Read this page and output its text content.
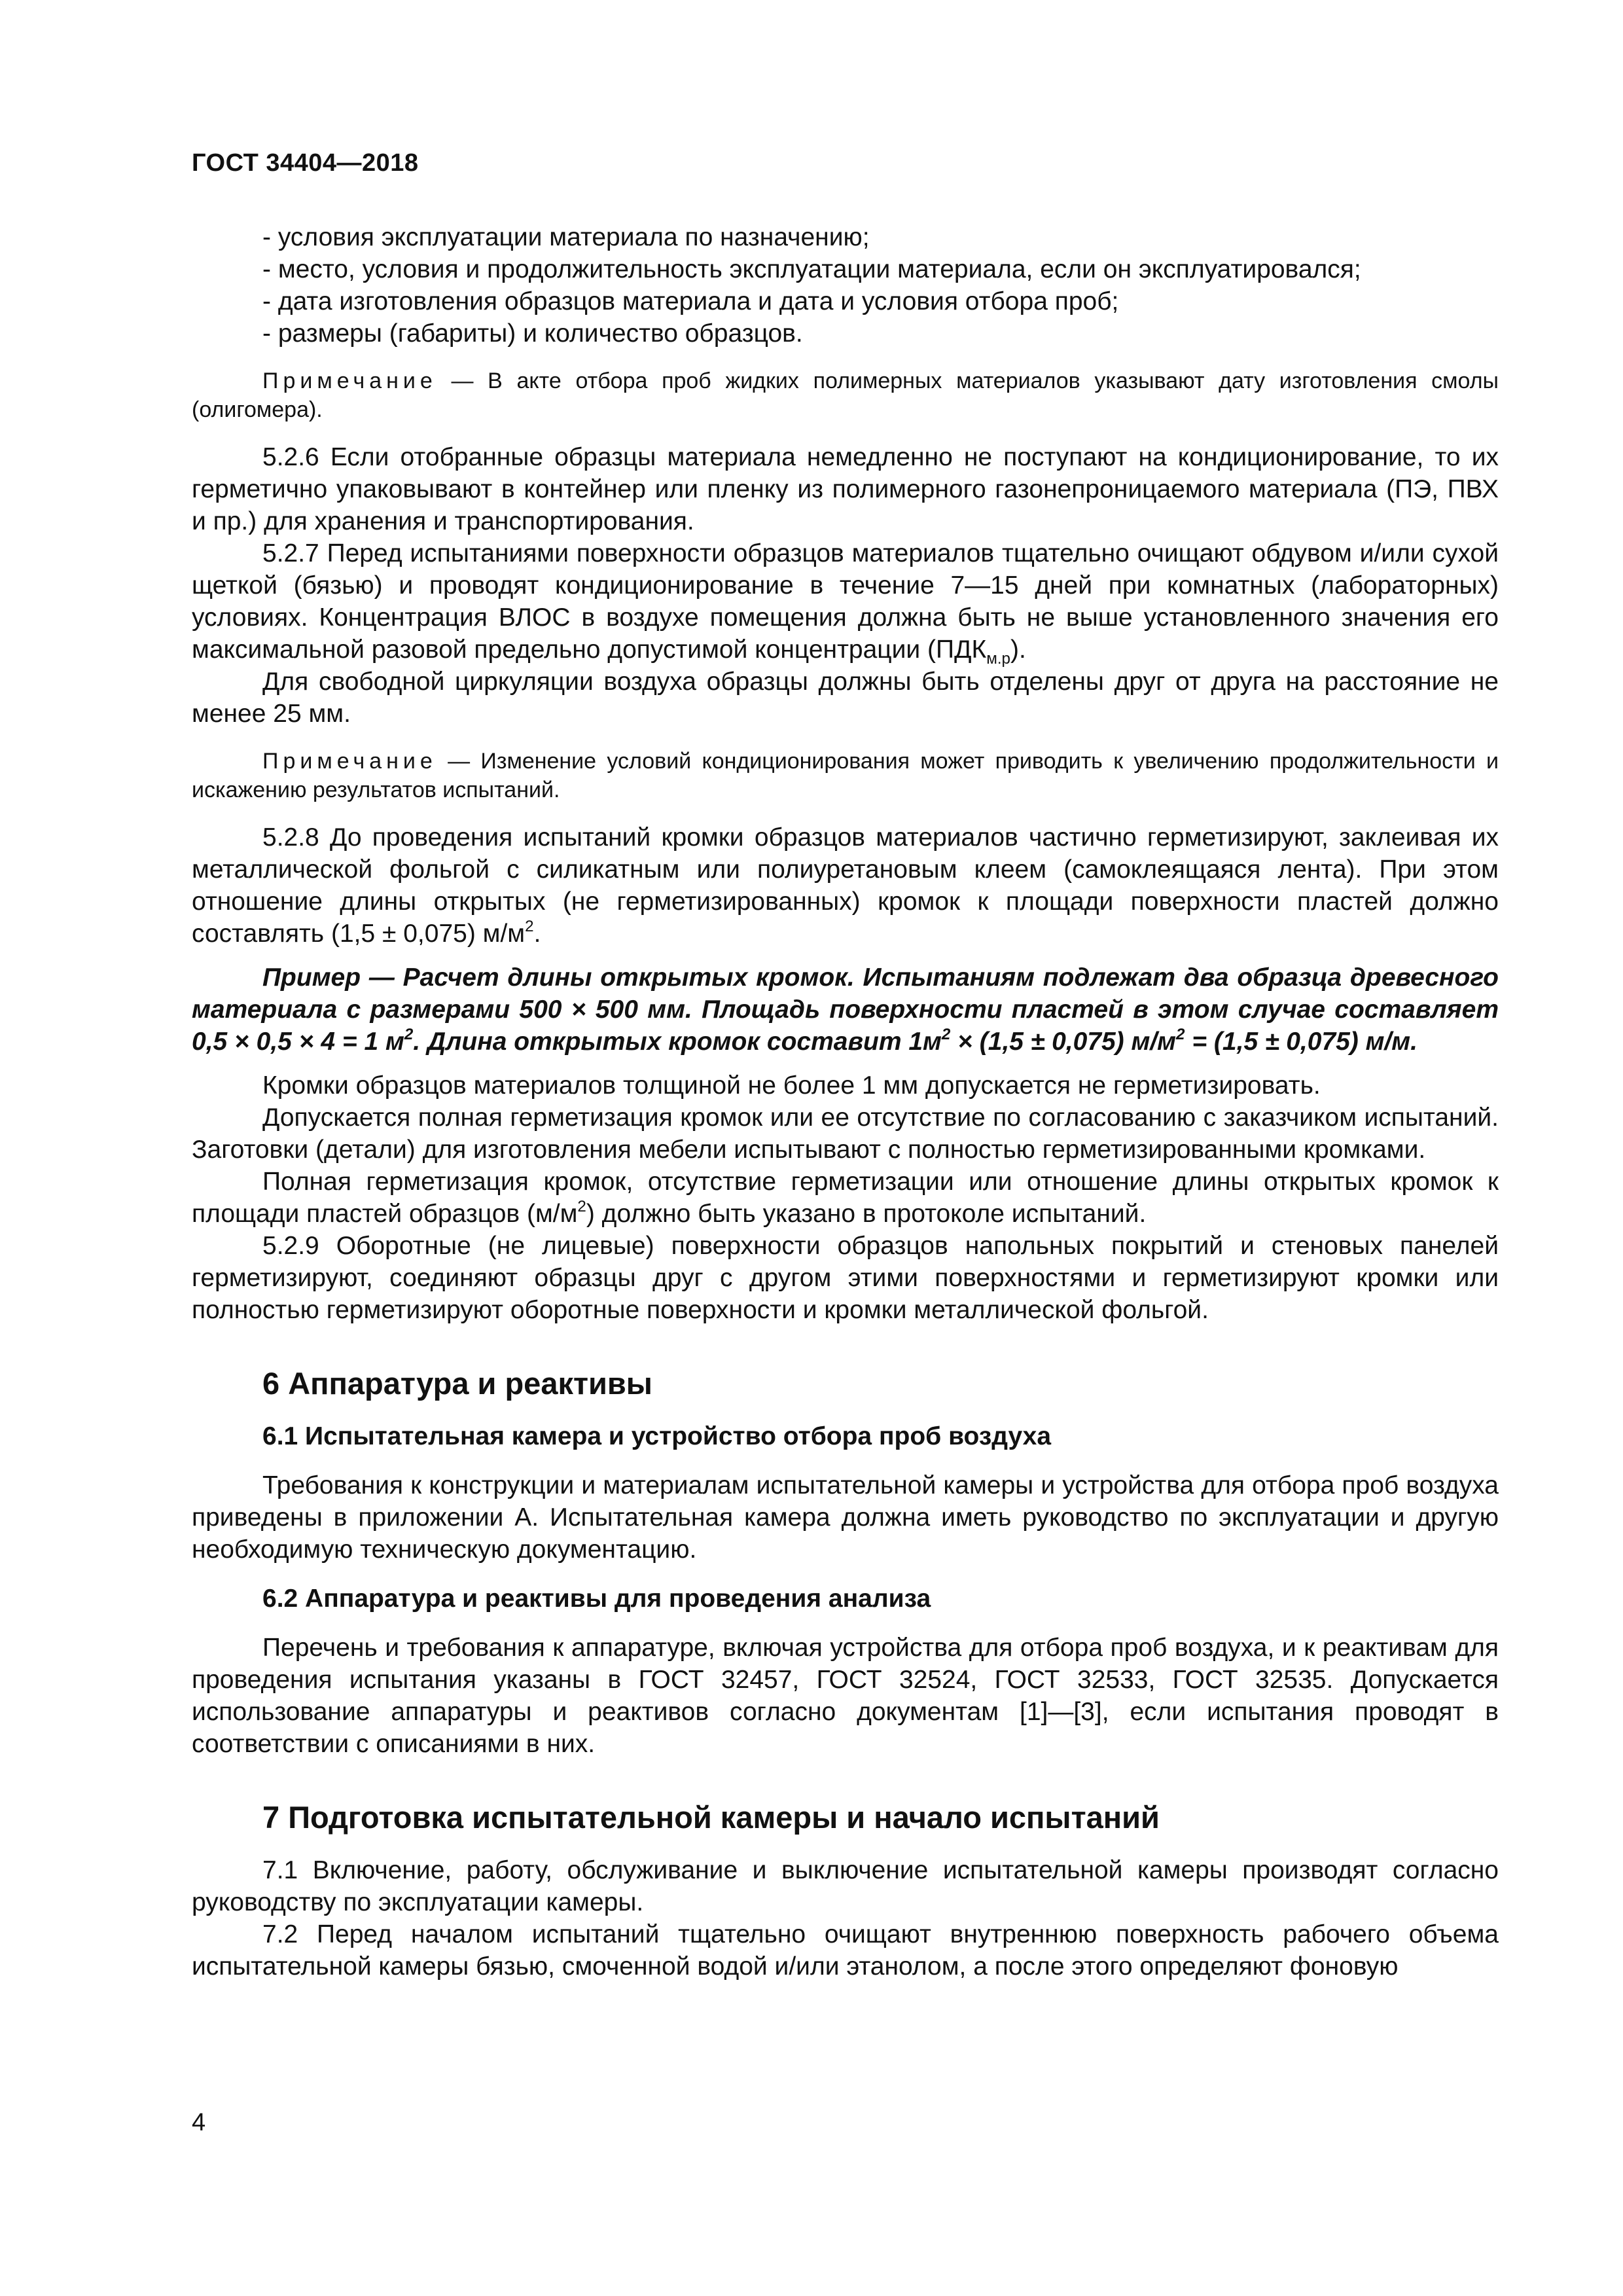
ГОСТ 34404—2018

- условия эксплуатации материала по назначению;

- место, условия и продолжительность эксплуатации материала, если он эксплуатировался;

- дата изготовления образцов материала и дата и условия отбора проб;

- размеры (габариты) и количество образцов.

Примечание — В акте отбора проб жидких полимерных материалов указывают дату изготовления смолы (олигомера).

5.2.6 Если отобранные образцы материала немедленно не поступают на кондиционирование, то их герметично упаковывают в контейнер или пленку из полимерного газонепроницаемого материала (ПЭ, ПВХ и пр.) для хранения и транспортирования.

5.2.7 Перед испытаниями поверхности образцов материалов тщательно очищают обдувом и/или сухой щеткой (бязью) и проводят кондиционирование в течение 7—15 дней при комнатных (лабораторных) условиях. Концентрация ВЛОС в воздухе помещения должна быть не выше установленного значения его максимальной разовой предельно допустимой концентрации $(ПДК_{м.р})$.

Для свободной циркуляции воздуха образцы должны быть отделены друг от друга на расстояние не менее 25 мм.

Примечание — Изменение условий кондиционирования может приводить к увеличению продолжительности и искажению результатов испытаний.

5.2.8 До проведения испытаний кромки образцов материалов частично герметизируют, заклеивая их металлической фольгой с силикатным или полиуретановым клеем (самоклеящаяся лента). При этом отношение длины открытых (не герметизированных) кромок к площади поверхности пластей должно составлять (1,5 ± 0,075) $м/м^2$.

Пример — Расчет длины открытых кромок. Испытаниям подлежат два образца древесного материала с размерами 500 × 500 мм. Площадь поверхности пластей в этом случае составляет 0,5 × 0,5 × 4 = 1 $м^2$. Длина открытых кромок составит $1м^2 \times (1,5 \pm 0,075) м/м^2 = (1,5 \pm 0,075)$ м/м.

Кромки образцов материалов толщиной не более 1 мм допускается не герметизировать.

Допускается полная герметизация кромок или ее отсутствие по согласованию с заказчиком испытаний. Заготовки (детали) для изготовления мебели испытывают с полностью герметизированными кромками.

Полная герметизация кромок, отсутствие герметизации или отношение длины открытых кромок к площади пластей образцов $(м/м^2)$ должно быть указано в протоколе испытаний.

5.2.9 Оборотные (не лицевые) поверхности образцов напольных покрытий и стеновых панелей герметизируют, соединяют образцы друг с другом этими поверхностями и герметизируют кромки или полностью герметизируют оборотные поверхности и кромки металлической фольгой.

6 Аппаратура и реактивы

6.1 Испытательная камера и устройство отбора проб воздуха

Требования к конструкции и материалам испытательной камеры и устройства для отбора проб воздуха приведены в приложении А. Испытательная камера должна иметь руководство по эксплуатации и другую необходимую техническую документацию.

6.2 Аппаратура и реактивы для проведения анализа

Перечень и требования к аппаратуре, включая устройства для отбора проб воздуха, и к реактивам для проведения испытания указаны в ГОСТ 32457, ГОСТ 32524, ГОСТ 32533, ГОСТ 32535. Допускается использование аппаратуры и реактивов согласно документам [1]—[3], если испытания проводят в соответствии с описаниями в них.

7 Подготовка испытательной камеры и начало испытаний

7.1 Включение, работу, обслуживание и выключение испытательной камеры производят согласно руководству по эксплуатации камеры.

7.2 Перед началом испытаний тщательно очищают внутреннюю поверхность рабочего объема испытательной камеры бязью, смоченной водой и/или этанолом, а после этого определяют фоновую

4
